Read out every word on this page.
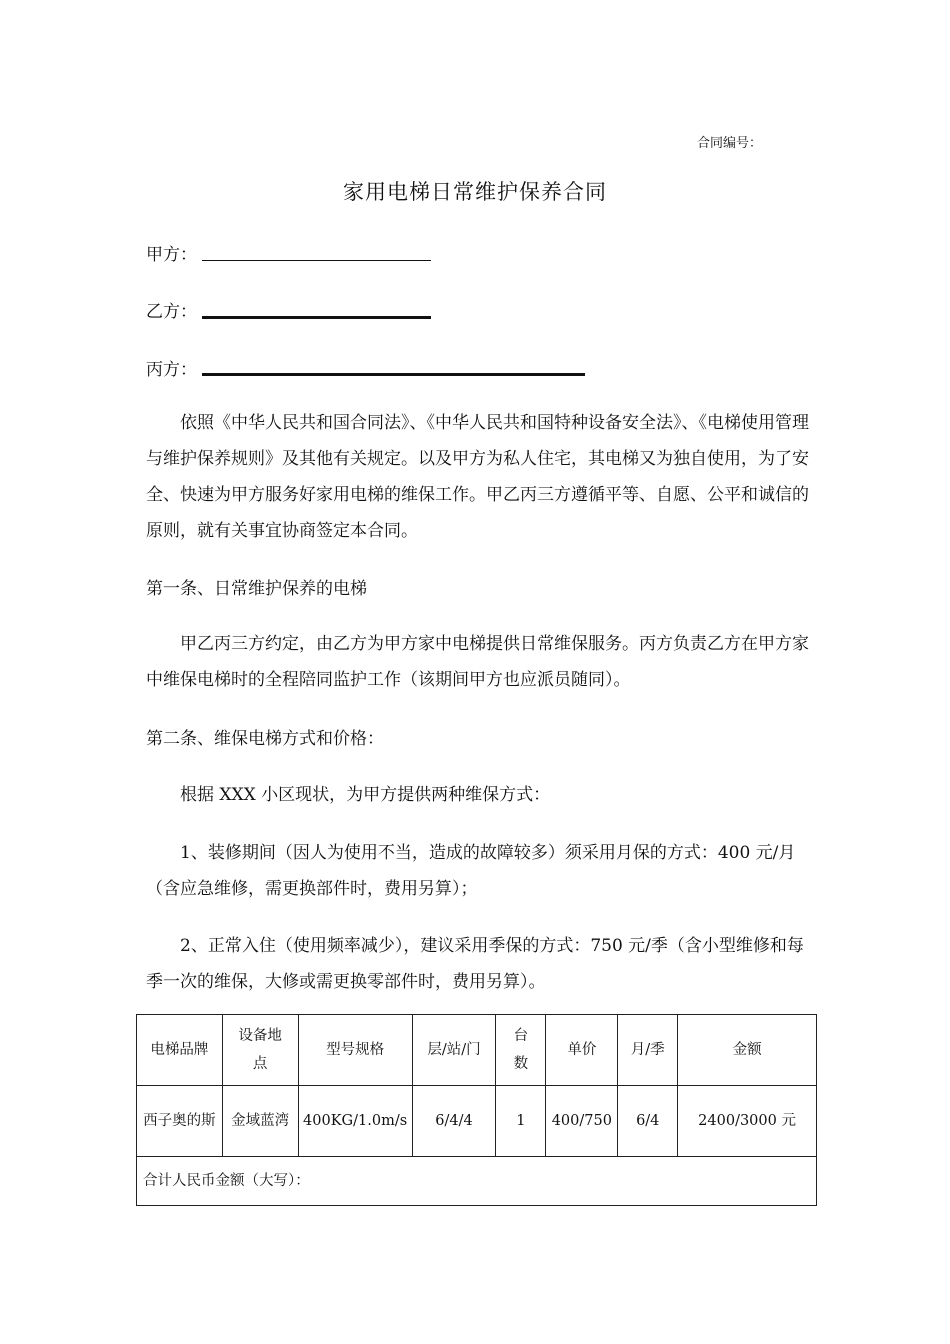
合同编号：
家用电梯日常维护保养合同
甲方：
乙方：
丙方：
依照《中华人民共和国合同法》、《中华人民共和国特种设备安全法》、《电梯使用管理与维护保养规则》及其他有关规定。以及甲方为私人住宅，其电梯又为独自使用，为了安全、快速为甲方服务好家用电梯的维保工作。甲乙丙三方遵循平等、自愿、公平和诚信的原则，就有关事宜协商签定本合同。
第一条、日常维护保养的电梯
甲乙丙三方约定，由乙方为甲方家中电梯提供日常维保服务。丙方负责乙方在甲方家中维保电梯时的全程陪同监护工作（该期间甲方也应派员随同）。
第二条、维保电梯方式和价格：
根据 XXX 小区现状，为甲方提供两种维保方式：
1、装修期间（因人为使用不当，造成的故障较多）须采用月保的方式：400 元/月（含应急维修，需更换部件时，费用另算）；
2、正常入住（使用频率减少），建议采用季保的方式：750 元/季（含小型维修和每季一次的维保，大修或需更换零部件时，费用另算）。
电梯品牌	设备地点	型号规格	层/站/门	台数	单价	月/季	金额
西子奥的斯	金域蓝湾	400KG/1.0m/s	6/4/4	1	400/750	6/4	2400/3000 元
合计人民币金额（大写）：							
